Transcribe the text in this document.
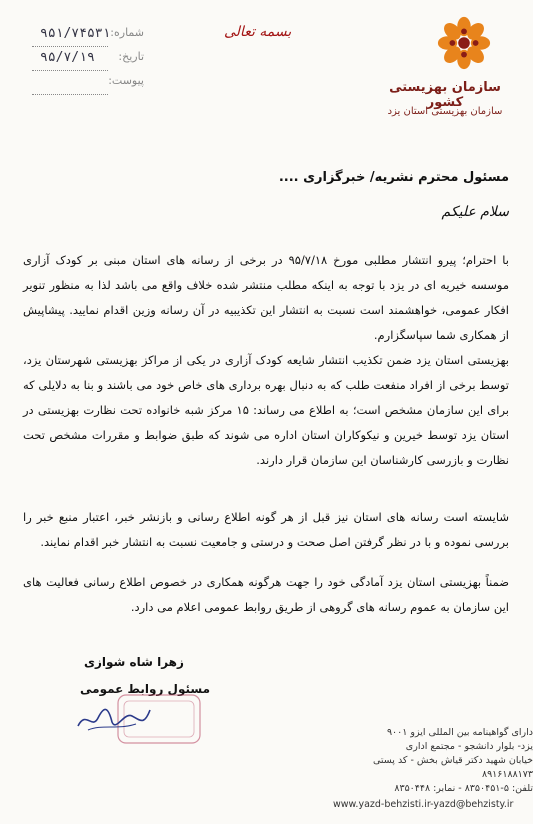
سازمان بهزیستی کشور
سازمان بهزیستی استان یزد
بسمه تعالی
۹۵۱/۷۴۵۳۱ شماره:
۹۵/۷/۱۹ تاریخ:
پیوست:
مسئول محترم نشریه/ خبرگزاری ....
سلام علیکم
با احترام؛ پیرو انتشار مطلبی مورخ ۹۵/۷/۱۸ در برخی از رسانه های استان مبنی بر کودک آزاری موسسه خیریه ای در یزد با توجه به اینکه مطلب منتشر شده خلاف واقع می باشد لذا به منظور تنویر افکار عمومی، خواهشمند است نسبت به انتشار این تکذیبیه در آن رسانه وزین اقدام نمایید. پیشاپیش از همکاری شما سپاسگزارم.
بهزیستی استان یزد ضمن تکذیب انتشار شایعه کودک آزاری در یکی از مراکز بهزیستی شهرستان یزد، توسط برخی از افراد منفعت طلب که به دنبال بهره برداری های خاص خود می باشند و بنا به دلایلی که برای این سازمان مشخص است؛ به اطلاع می رساند: ۱۵ مرکز شبه خانواده تحت نظارت بهزیستی در استان یزد توسط خیرین و نیکوکاران استان اداره می شوند که طبق ضوابط و مقررات مشخص تحت نظارت و بازرسی کارشناسان این سازمان قرار دارند.
شایسته است رسانه های استان نیز قبل از هر گونه اطلاع رسانی و بازنشر خبر، اعتبار منبع خبر را بررسی نموده و با در نظر گرفتن اصل صحت و درستی و جامعیت نسبت به انتشار خبر اقدام نمایند.
ضمناً بهزیستی استان یزد آمادگی خود را جهت هرگونه همکاری در خصوص اطلاع رسانی فعالیت های این سازمان به عموم رسانه های گروهی از طریق روابط عمومی اعلام می دارد.
زهرا شاه شوازی
مسئول روابط عمومی
دارای گواهینامه بین المللی ایزو ۹۰۰۱
یزد- بلوار دانشجو - مجتمع اداری
خیابان شهید دکتر قیاش بخش - کد پستی ۸۹۱۶۱۸۸۱۷۳
تلفن: ۵-۸۳۵۰۴۵۱ - نمابر: ۸۳۵۰۴۴۸
www.yazd-behzisti.ir-yazd@behzisty.ir
